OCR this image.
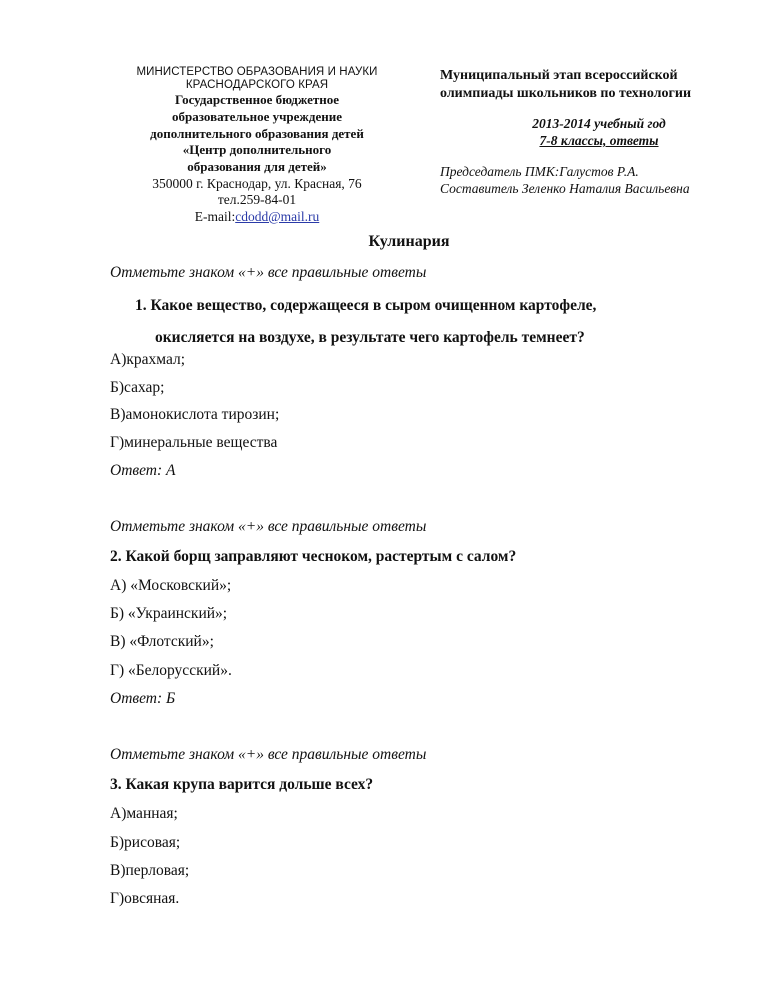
МИНИСТЕРСТВО ОБРАЗОВАНИЯ И НАУКИ
КРАСНОДАРСКОГО КРАЯ
Государственное бюджетное
образовательное учреждение
дополнительного образования детей
«Центр дополнительного
образования для детей»
350000 г. Краснодар, ул. Красная, 76
тел.259-84-01
E-mail:cdodd@mail.ru
Муниципальный этап всероссийской
олимпиады школьников по технологии
2013-2014 учебный год
7-8 классы, ответы
Председатель ПМК:Галустов Р.А.
Составитель Зеленко Наталия Васильевна
Кулинария
Отметьте знаком «+» все правильные ответы
1. Какое вещество, содержащееся в сыром очищенном картофеле,
окисляется на воздухе, в результате чего картофель темнеет?
А)крахмал;
Б)сахар;
В)амонокислота тирозин;
Г)минеральные вещества
Ответ: А
Отметьте знаком «+» все правильные ответы
2. Какой борщ заправляют чесноком, растертым с салом?
А) «Московский»;
Б) «Украинский»;
В) «Флотский»;
Г) «Белорусский».
Ответ: Б
Отметьте знаком «+» все правильные ответы
3. Какая крупа варится дольше всех?
А)манная;
Б)рисовая;
В)перловая;
Г)овсяная.
